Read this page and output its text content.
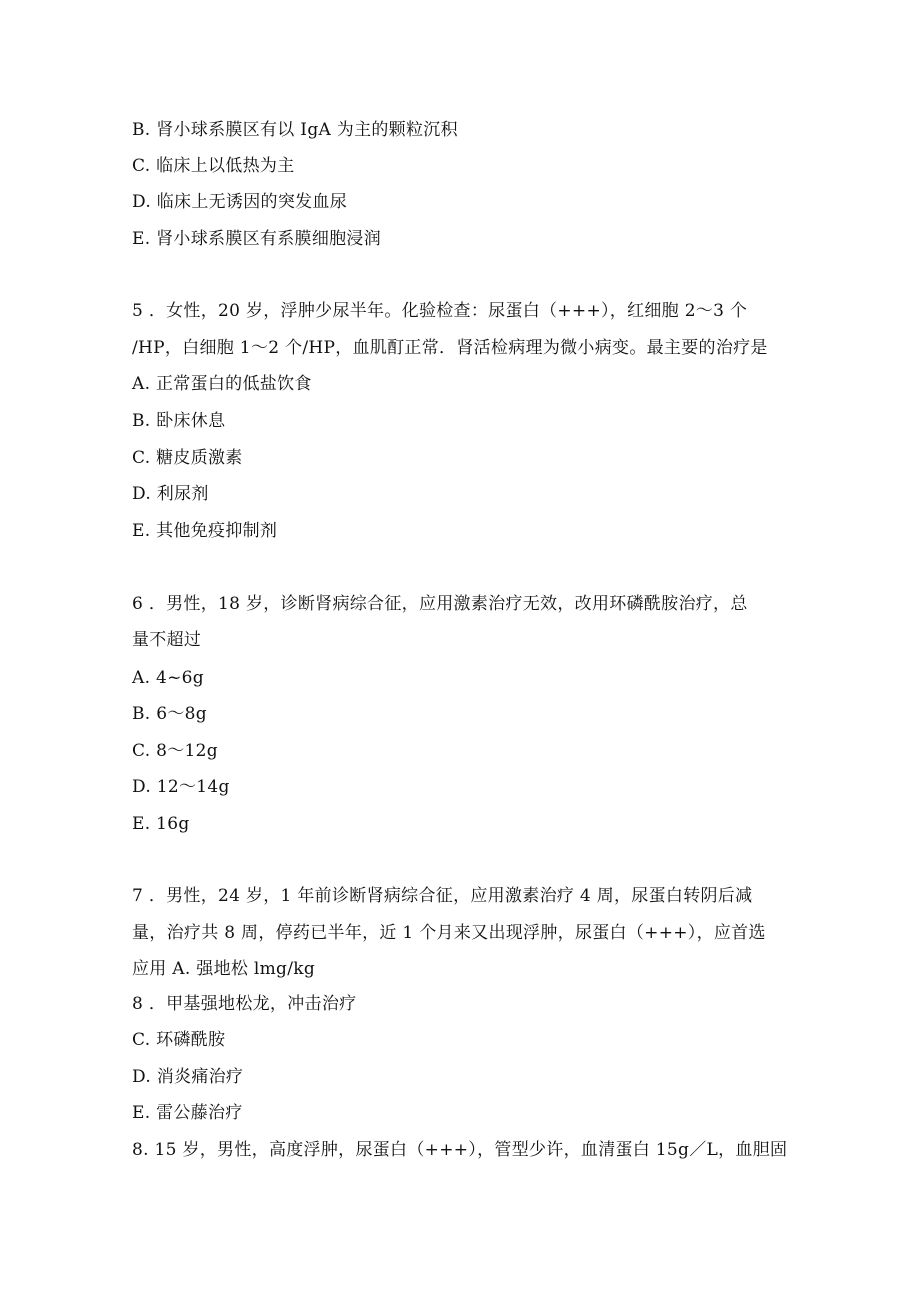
B. 肾小球系膜区有以 IgA 为主的颗粒沉积
C. 临床上以低热为主
D. 临床上无诱因的突发血尿
E. 肾小球系膜区有系膜细胞浸润
5 ．女性，20 岁，浮肿少尿半年。化验检查：尿蛋白（+++），红细胞 2～3 个
/HP，白细胞 1～2 个/HP，血肌酊正常．肾活检病理为微小病变。最主要的治疗是
A. 正常蛋白的低盐饮食
B. 卧床休息
C. 糖皮质激素
D. 利尿剂
E. 其他免疫抑制剂
6 ．男性，18 岁，诊断肾病综合征，应用激素治疗无效，改用环磷酰胺治疗，总
量不超过
A. 4~6g
B. 6～8g
C. 8～12g
D. 12～14g
E. 16g
7 ．男性，24 岁，1 年前诊断肾病综合征，应用激素治疗 4 周，尿蛋白转阴后减
量，治疗共 8 周，停药已半年，近 1 个月来又出现浮肿，尿蛋白（+++），应首选
应用 A. 强地松 lmg/kg
8 ．甲基强地松龙，冲击治疗
C. 环磷酰胺
D. 消炎痛治疗
E. 雷公藤治疗
8. 15 岁，男性，高度浮肿，尿蛋白（+++），管型少许，血清蛋白 15g／L，血胆固
